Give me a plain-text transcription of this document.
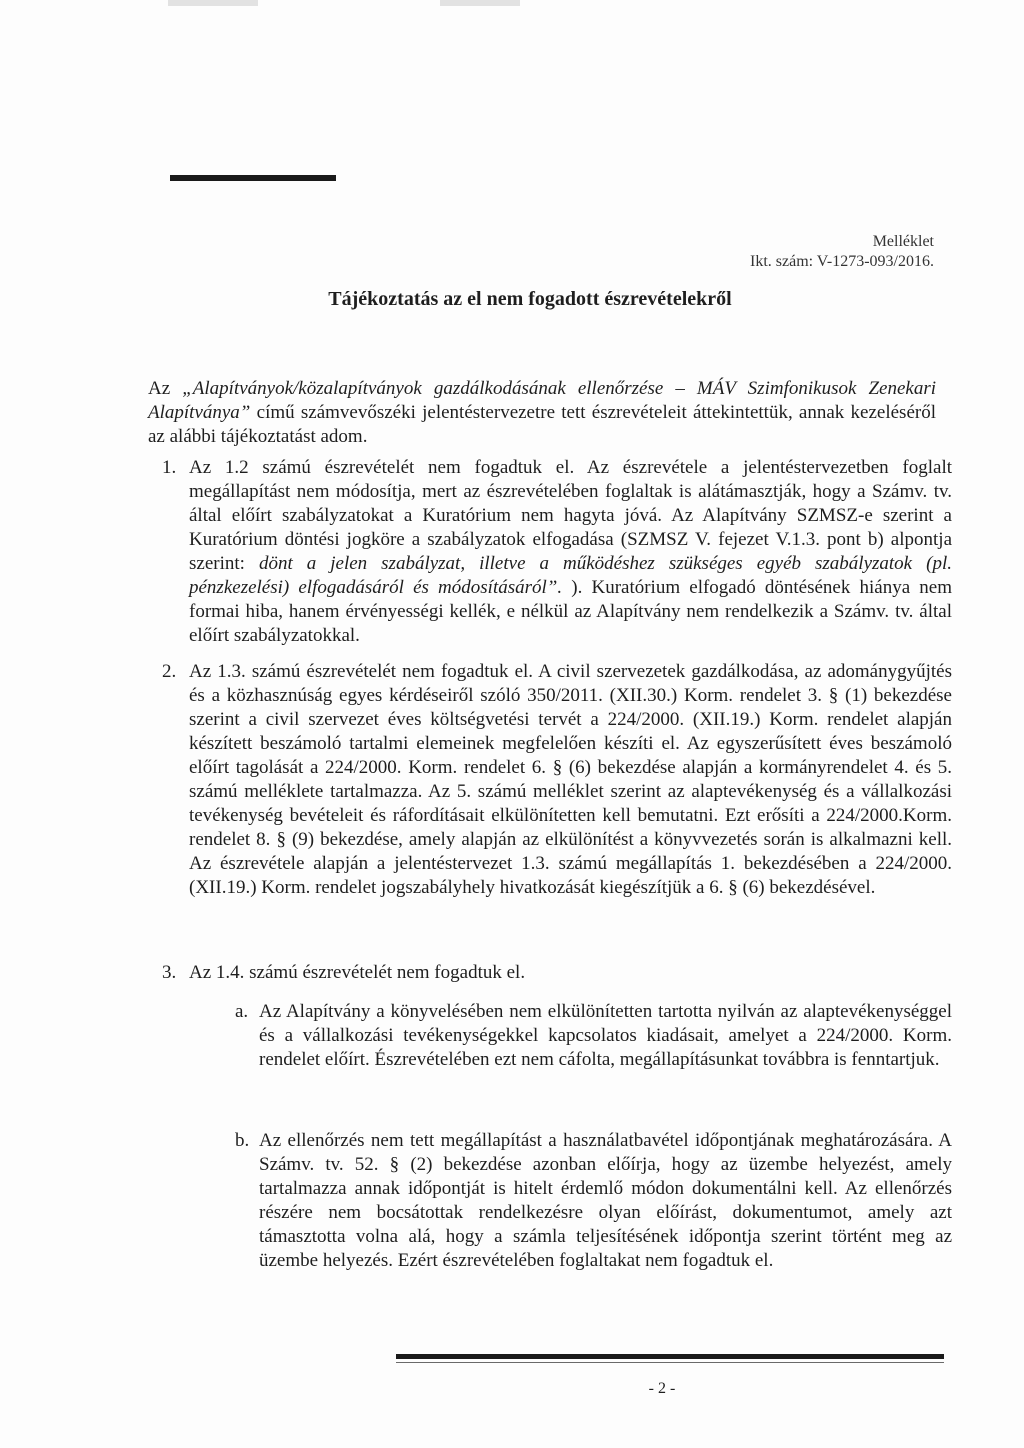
Melléklet
Ikt. szám: V-1273-093/2016.
Tájékoztatás az el nem fogadott észrevételekről

Az „Alapítványok/közalapítványok gazdálkodásának ellenőrzése – MÁV Szimfonikusok Zenekari Alapítványa” című számvevőszéki jelentéstervezetre tett észrevételeit áttekintettük, annak kezeléséről az alábbi tájékoztatást adom.

1. Az 1.2 számú észrevételét nem fogadtuk el. Az észrevétele a jelentéstervezetben foglalt megállapítást nem módosítja, mert az észrevételében foglaltak is alátámasztják, hogy a Számv. tv. által előírt szabályzatokat a Kuratórium nem hagyta jóvá. Az Alapítvány SZMSZ-e szerint a Kuratórium döntési jogköre a szabályzatok elfogadása (SZMSZ V. fejezet V.1.3. pont b) alpontja szerint: dönt a jelen szabályzat, illetve a működéshez szükséges egyéb szabályzatok (pl. pénzkezelési) elfogadásáról és módosításáról”. ). Kuratórium elfogadó döntésének hiánya nem formai hiba, hanem érvényességi kellék, e nélkül az Alapítvány nem rendelkezik a Számv. tv. által előírt szabályzatokkal.
2. Az 1.3. számú észrevételét nem fogadtuk el. A civil szervezetek gazdálkodása, az adománygyűjtés és a közhasznúság egyes kérdéseiről szóló 350/2011. (XII.30.) Korm. rendelet 3. § (1) bekezdése szerint a civil szervezet éves költségvetési tervét a 224/2000. (XII.19.) Korm. rendelet alapján készített beszámoló tartalmi elemeinek megfelelően készíti el. Az egyszerűsített éves beszámoló előírt tagolását a 224/2000. Korm. rendelet 6. § (6) bekezdése alapján a kormányrendelet 4. és 5. számú melléklete tartalmazza. Az 5. számú melléklet szerint az alaptevékenység és a vállalkozási tevékenység bevételeit és ráfordításait elkülönítetten kell bemutatni. Ezt erősíti a 224/2000.Korm. rendelet 8. § (9) bekezdése, amely alapján az elkülönítést a könyvvezetés során is alkalmazni kell. Az észrevétele alapján a jelentéstervezet 1.3. számú megállapítás 1. bekezdésében a 224/2000. (XII.19.) Korm. rendelet jogszabályhely hivatkozását kiegészítjük a 6. § (6) bekezdésével.
3. Az 1.4. számú észrevételét nem fogadtuk el.
a. Az Alapítvány a könyvelésében nem elkülönítetten tartotta nyilván az alaptevékenységgel és a vállalkozási tevékenységekkel kapcsolatos kiadásait, amelyet a 224/2000. Korm. rendelet előírt. Észrevételében ezt nem cáfolta, megállapításunkat továbbra is fenntartjuk.
b. Az ellenőrzés nem tett megállapítást a használatbavétel időpontjának meghatározására. A Számv. tv. 52. § (2) bekezdése azonban előírja, hogy az üzembe helyezést, amely tartalmazza annak időpontját is hitelt érdemlő módon dokumentálni kell. Az ellenőrzés részére nem bocsátottak rendelkezésre olyan előírást, dokumentumot, amely azt támasztotta volna alá, hogy a számla teljesítésének időpontja szerint történt meg az üzembe helyezés. Ezért észrevételében foglaltakat nem fogadtuk el.
- 2 -
